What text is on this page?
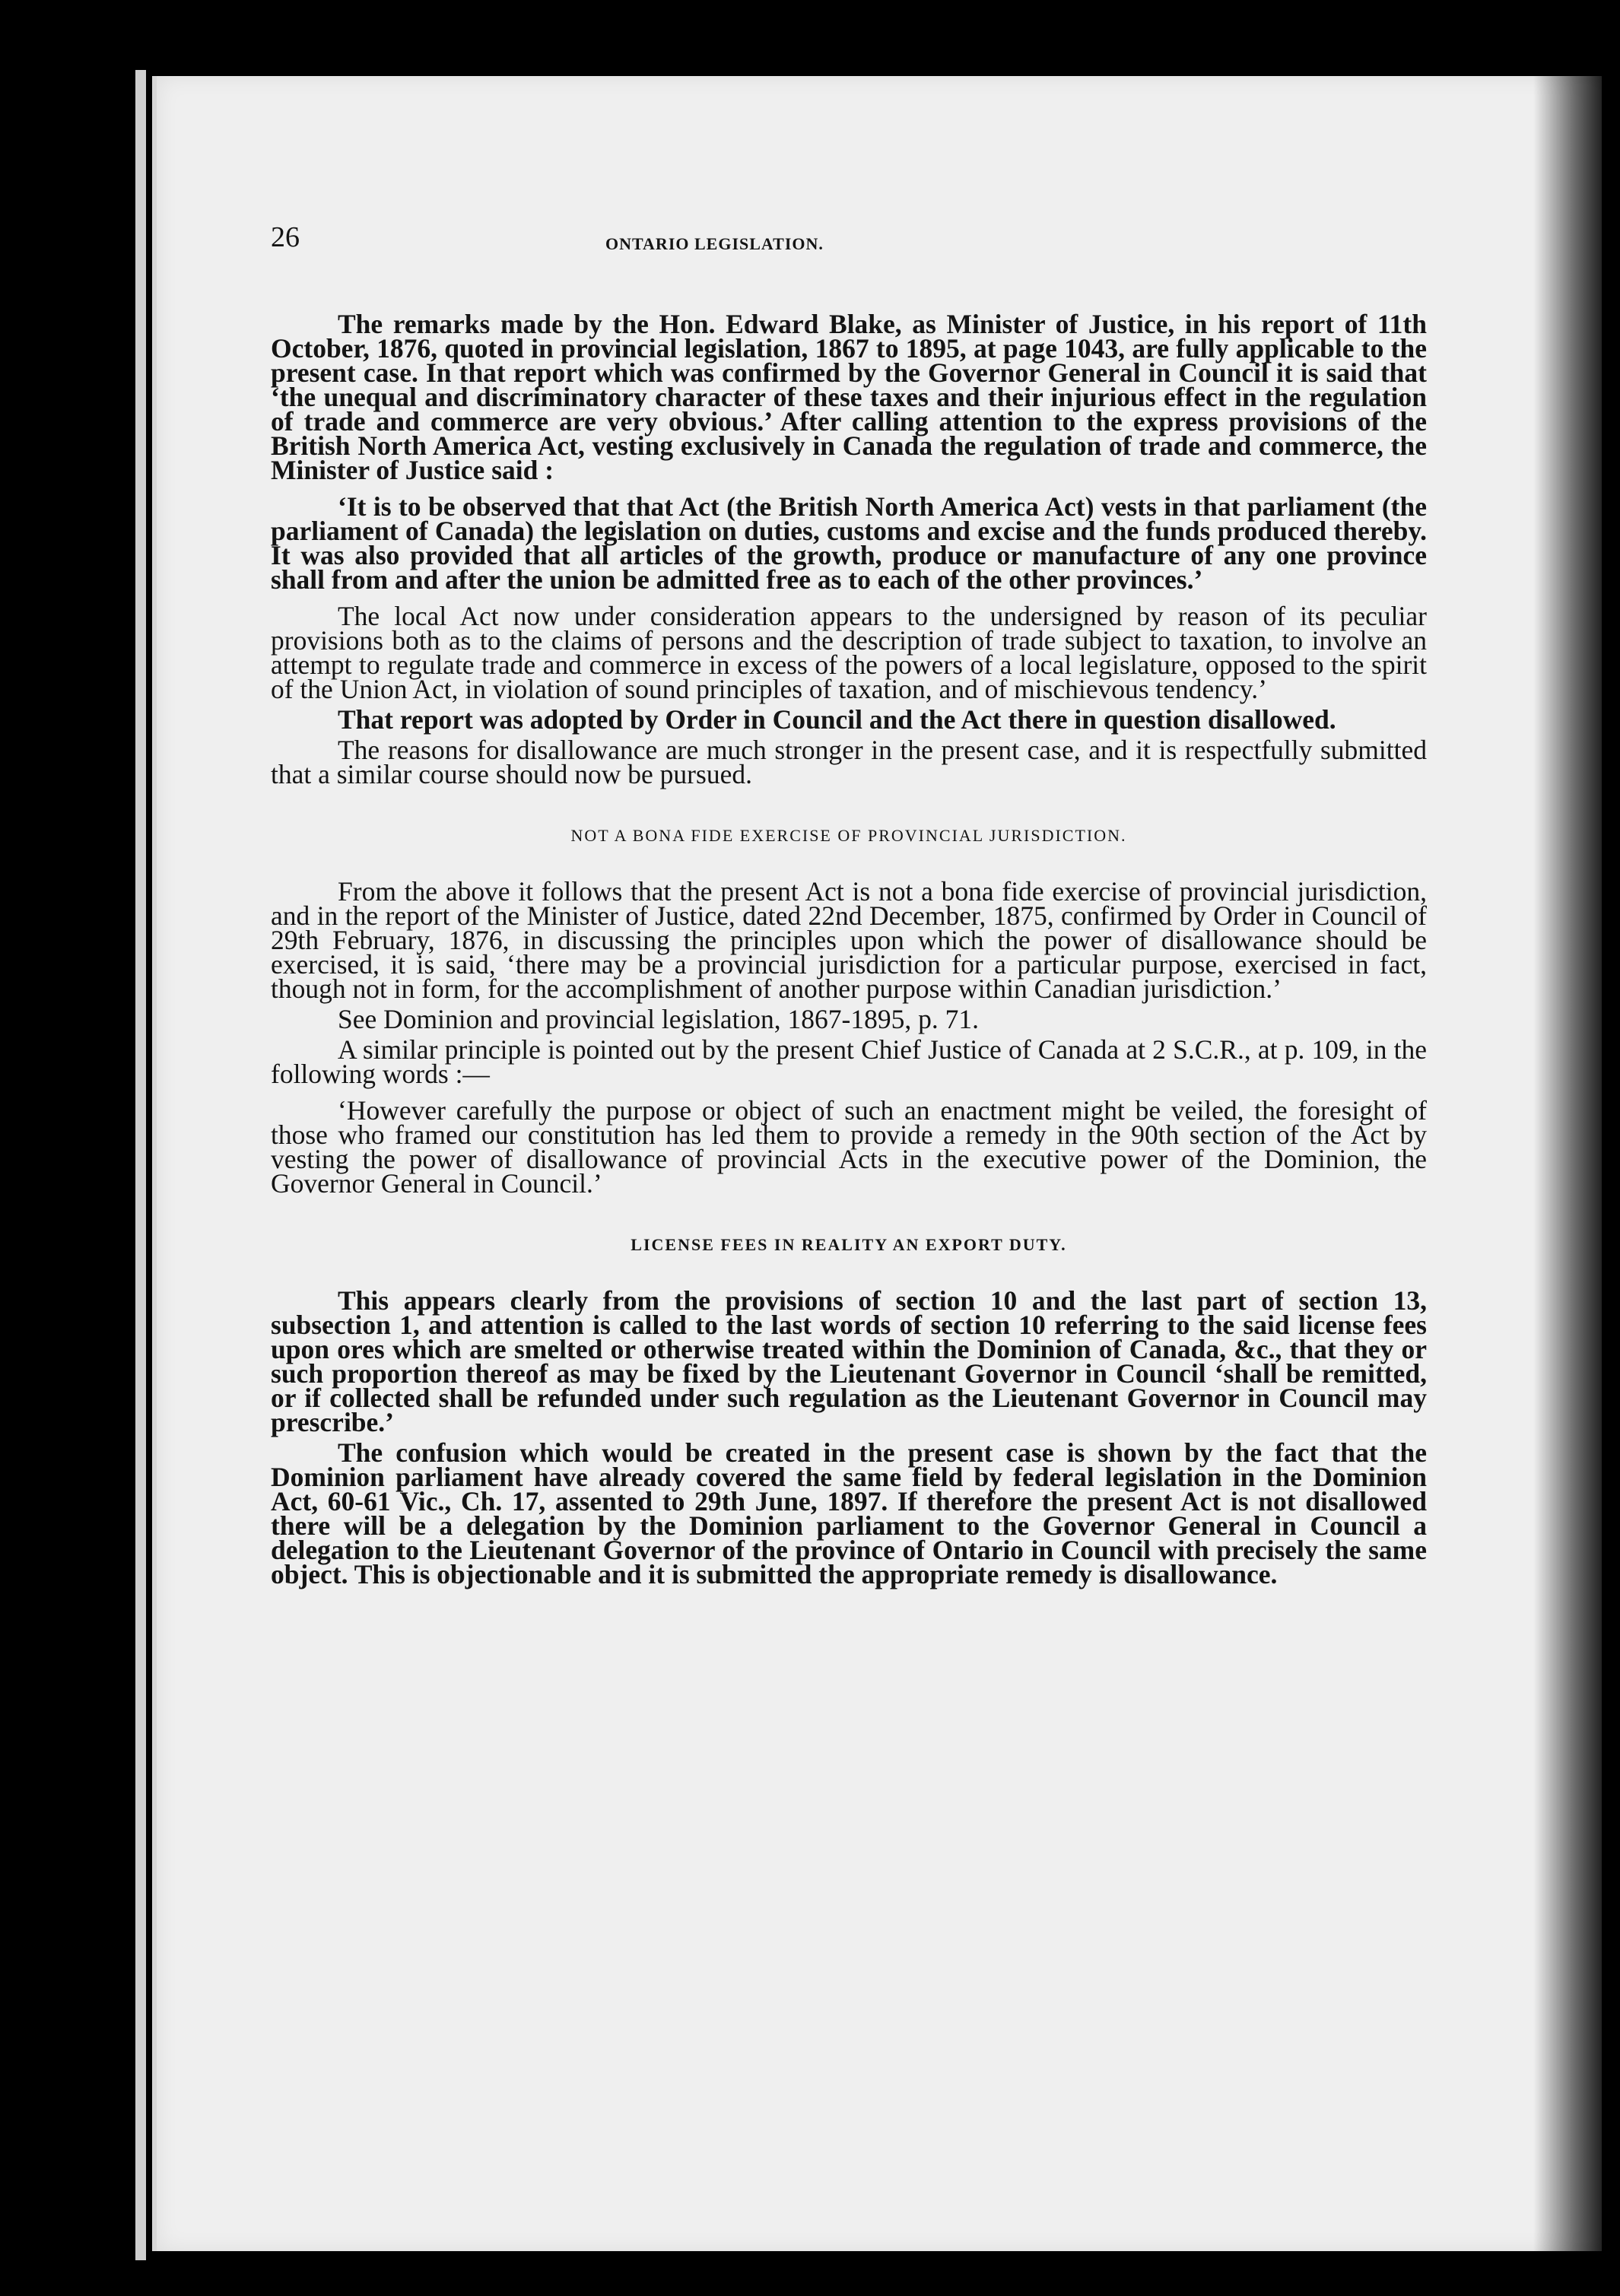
26	ONTARIO LEGISLATION.

The remarks made by the Hon. Edward Blake, as Minister of Justice, in his report of 11th October, 1876, quoted in provincial legislation, 1867 to 1895, at page 1043, are fully applicable to the present case. In that report which was confirmed by the Governor General in Council it is said that ‘the unequal and discriminatory character of these taxes and their injurious effect in the regulation of trade and commerce are very obvious.’ After calling attention to the express provisions of the British North America Act, vesting exclusively in Canada the regulation of trade and commerce, the Minister of Justice said :

‘It is to be observed that that Act (the British North America Act) vests in that parliament (the parliament of Canada) the legislation on duties, customs and excise and the funds produced thereby. It was also provided that all articles of the growth, produce or manufacture of any one province shall from and after the union be admitted free as to each of the other provinces.’

The local Act now under consideration appears to the undersigned by reason of its peculiar provisions both as to the claims of persons and the description of trade subject to taxation, to involve an attempt to regulate trade and commerce in excess of the powers of a local legislature, opposed to the spirit of the Union Act, in violation of sound principles of taxation, and of mischievous tendency.’

That report was adopted by Order in Council and the Act there in question disallowed.

The reasons for disallowance are much stronger in the present case, and it is respectfully submitted that a similar course should now be pursued.

NOT A BONA FIDE EXERCISE OF PROVINCIAL JURISDICTION.

From the above it follows that the present Act is not a bona fide exercise of provincial jurisdiction, and in the report of the Minister of Justice, dated 22nd December, 1875, confirmed by Order in Council of 29th February, 1876, in discussing the principles upon which the power of disallowance should be exercised, it is said, ‘there may be a provincial jurisdiction for a particular purpose, exercised in fact, though not in form, for the accomplishment of another purpose within Canadian jurisdiction.’

See Dominion and provincial legislation, 1867-1895, p. 71.

A similar principle is pointed out by the present Chief Justice of Canada at 2 S.C.R., at p. 109, in the following words :—

‘However carefully the purpose or object of such an enactment might be veiled, the foresight of those who framed our constitution has led them to provide a remedy in the 90th section of the Act by vesting the power of disallowance of provincial Acts in the executive power of the Dominion, the Governor General in Council.’

LICENSE FEES IN REALITY AN EXPORT DUTY.

This appears clearly from the provisions of section 10 and the last part of section 13, subsection 1, and attention is called to the last words of section 10 referring to the said license fees upon ores which are smelted or otherwise treated within the Dominion of Canada, &c., that they or such proportion thereof as may be fixed by the Lieutenant Governor in Council ‘shall be remitted, or if collected shall be refunded under such regulation as the Lieutenant Governor in Council may prescribe.’

The confusion which would be created in the present case is shown by the fact that the Dominion parliament have already covered the same field by federal legislation in the Dominion Act, 60-61 Vic., Ch. 17, assented to 29th June, 1897. If therefore the present Act is not disallowed there will be a delegation by the Dominion parliament to the Governor General in Council a delegation to the Lieutenant Governor of the province of Ontario in Council with precisely the same object. This is objectionable and it is submitted the appropriate remedy is disallowance.
